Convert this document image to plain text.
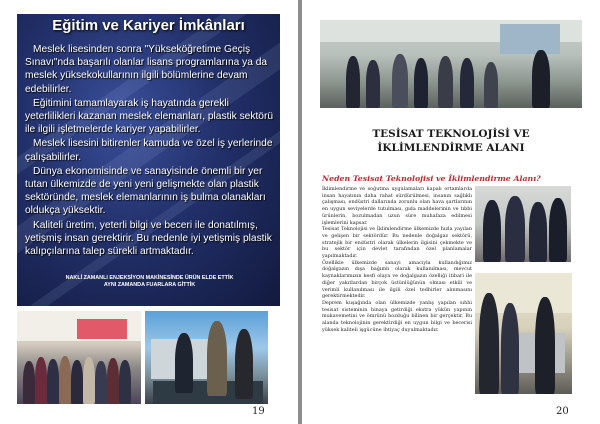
Eğitim ve Kariyer İmkânları

Meslek lisesinden sonra "Yükseköğretime Geçiş Sınavı"nda başarılı olanlar lisans programlarına ya da meslek yüksekokullarının ilgili bölümlerine devam edebilirler.

Eğitimini tamamlayarak iş hayatında gerekli yeterlilikleri kazanan meslek elemanları, plastik sektörü ile ilgili işletmelerde kariyer yapabilirler.

Meslek lisesini bitirenler kamuda ve özel iş yerlerinde çalışabilirler.

Dünya ekonomisinde ve sanayisinde önemli bir yer tutan ülkemizde de yeni yeni gelişmekte olan plastik sektöründe, meslek elemanlarının iş bulma olanakları oldukça yüksektir.

Kaliteli üretim, yeterli bilgi ve beceri ile donatılmış, yetişmiş insan gerektirir. Bu nedenle iyi yetişmiş plastik kalıpçılarına talep sürekli artmaktadır.

NAKLİ ZAMANLI ENJEKSİYON MAKİNESİNDE ÜRÜN ELDE ETTİK
AYNI ZAMANDA FUARLARA GİTTİK
19
TESİSAT TEKNOLOJİSİ VE İKLİMLENDİRME ALANI
Neden Tesisat Teknolojisi ve İklimlendirme Alanı?

İklimlendirme ve soğutma uygulamaları kapalı ortamlarda insan hayatının daha rahat sürdürülmesi, insanın sağlıklı çalışması, endüstri dallarında zorunlu olan hava şartlarının en uygun seviyelerde tutulması, gıda maddelerinin ve tıbbi ürünlerin, bozulmadan uzun süre muhafaza edilmesi işlemlerini kapsar.

Tesisat Teknolojisi ve İklimlendirme ülkemizde hızla yayılan ve gelişen bir sektördür. Bu nedenle doğalgaz sektörü, stratejik bir endüstri olarak ülkelerin ilgisini çekmekte ve bu sektör için devlet tarafından özel planlamalar yapılmaktadır.

Özellikle ülkemizde sanayi amacıyla kullandığımız doğalgazın dışa bağımlı olarak kullanılması, mevcut kaynaklarımızın kesfi olaya ve doğalgazın özelliği itibari ile diğer yakıtlardan birçok üstünlüğünün olması etkili ve verimli kullanılması ile ilgili özel tedbirler alınmasını gerektirmektedir.

Deprem kuşağında olan ülkemizde yanlış yapılan sıhhi tesisat sisteminin binaya getirdiği ekstra yükün yapının mukavemetini ve ömrünü bozduğu bilinen bir gerçektir. Bu alanda teknolojinin gerektirdiği en uygun bilgi ve becerisi yüksek kaliteli işgücüne ihtiyaç duyulmaktadır.

20
